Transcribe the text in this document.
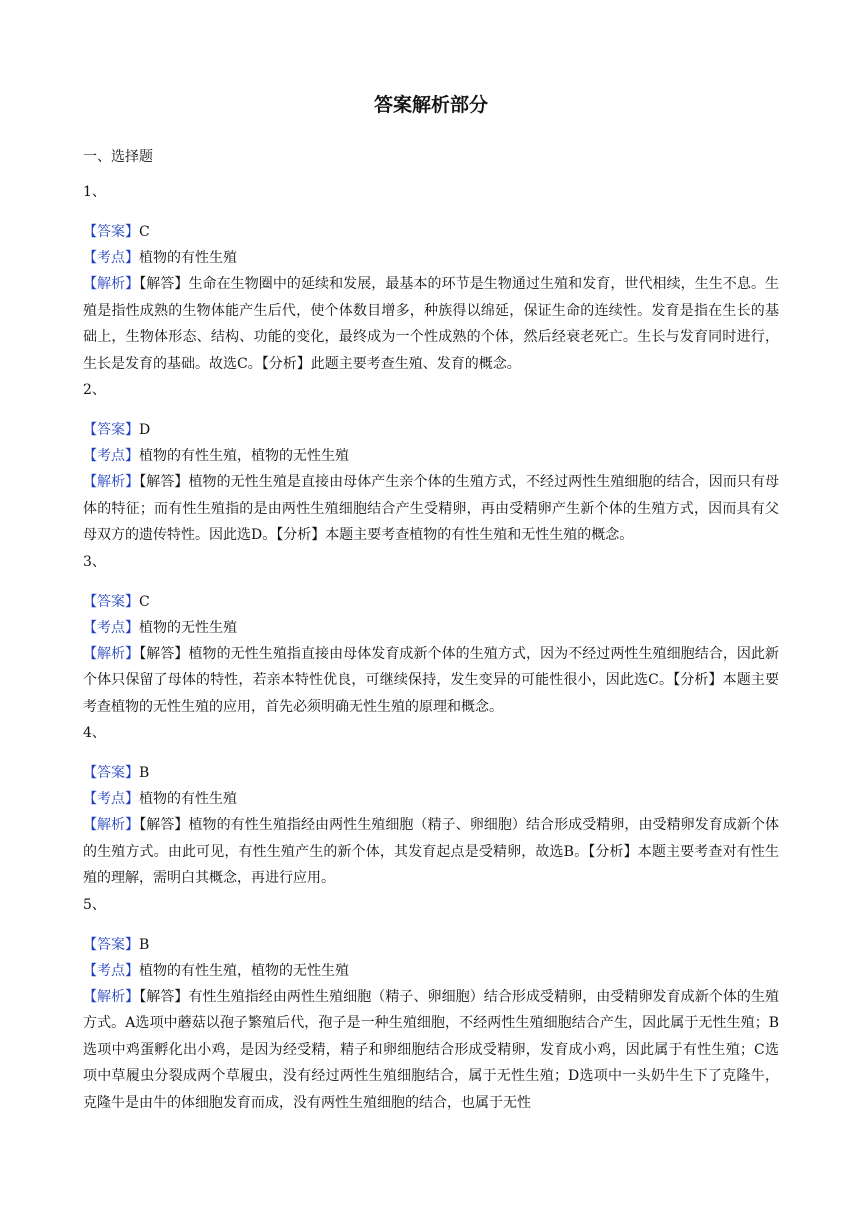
答案解析部分
一、选择题
1、
【答案】C
【考点】植物的有性生殖
【解析】【解答】生命在生物圈中的延续和发展，最基本的环节是生物通过生殖和发育，世代相续，生生不息。生殖是指性成熟的生物体能产生后代，使个体数目增多，种族得以绵延，保证生命的连续性。发育是指在生长的基础上，生物体形态、结构、功能的变化，最终成为一个性成熟的个体，然后经衰老死亡。生长与发育同时进行，生长是发育的基础。故选C。【分析】此题主要考查生殖、发育的概念。
2、
【答案】D
【考点】植物的有性生殖，植物的无性生殖
【解析】【解答】植物的无性生殖是直接由母体产生亲个体的生殖方式，不经过两性生殖细胞的结合，因而只有母体的特征；而有性生殖指的是由两性生殖细胞结合产生受精卵，再由受精卵产生新个体的生殖方式，因而具有父母双方的遗传特性。因此选D。【分析】本题主要考查植物的有性生殖和无性生殖的概念。
3、
【答案】C
【考点】植物的无性生殖
【解析】【解答】植物的无性生殖指直接由母体发育成新个体的生殖方式，因为不经过两性生殖细胞结合，因此新个体只保留了母体的特性，若亲本特性优良，可继续保持，发生变异的可能性很小，因此选C。【分析】本题主要考查植物的无性生殖的应用，首先必须明确无性生殖的原理和概念。
4、
【答案】B
【考点】植物的有性生殖
【解析】【解答】植物的有性生殖指经由两性生殖细胞（精子、卵细胞）结合形成受精卵，由受精卵发育成新个体的生殖方式。由此可见，有性生殖产生的新个体，其发育起点是受精卵，故选B。【分析】本题主要考查对有性生殖的理解，需明白其概念，再进行应用。
5、
【答案】B
【考点】植物的有性生殖，植物的无性生殖
【解析】【解答】有性生殖指经由两性生殖细胞（精子、卵细胞）结合形成受精卵，由受精卵发育成新个体的生殖方式。A选项中蘑菇以孢子繁殖后代，孢子是一种生殖细胞，不经两性生殖细胞结合产生，因此属于无性生殖；B选项中鸡蛋孵化出小鸡，是因为经受精，精子和卵细胞结合形成受精卵，发育成小鸡，因此属于有性生殖；C选项中草履虫分裂成两个草履虫，没有经过两性生殖细胞结合，属于无性生殖；D选项中一头奶牛生下了克隆牛，克隆牛是由牛的体细胞发育而成，没有两性生殖细胞的结合，也属于无性
